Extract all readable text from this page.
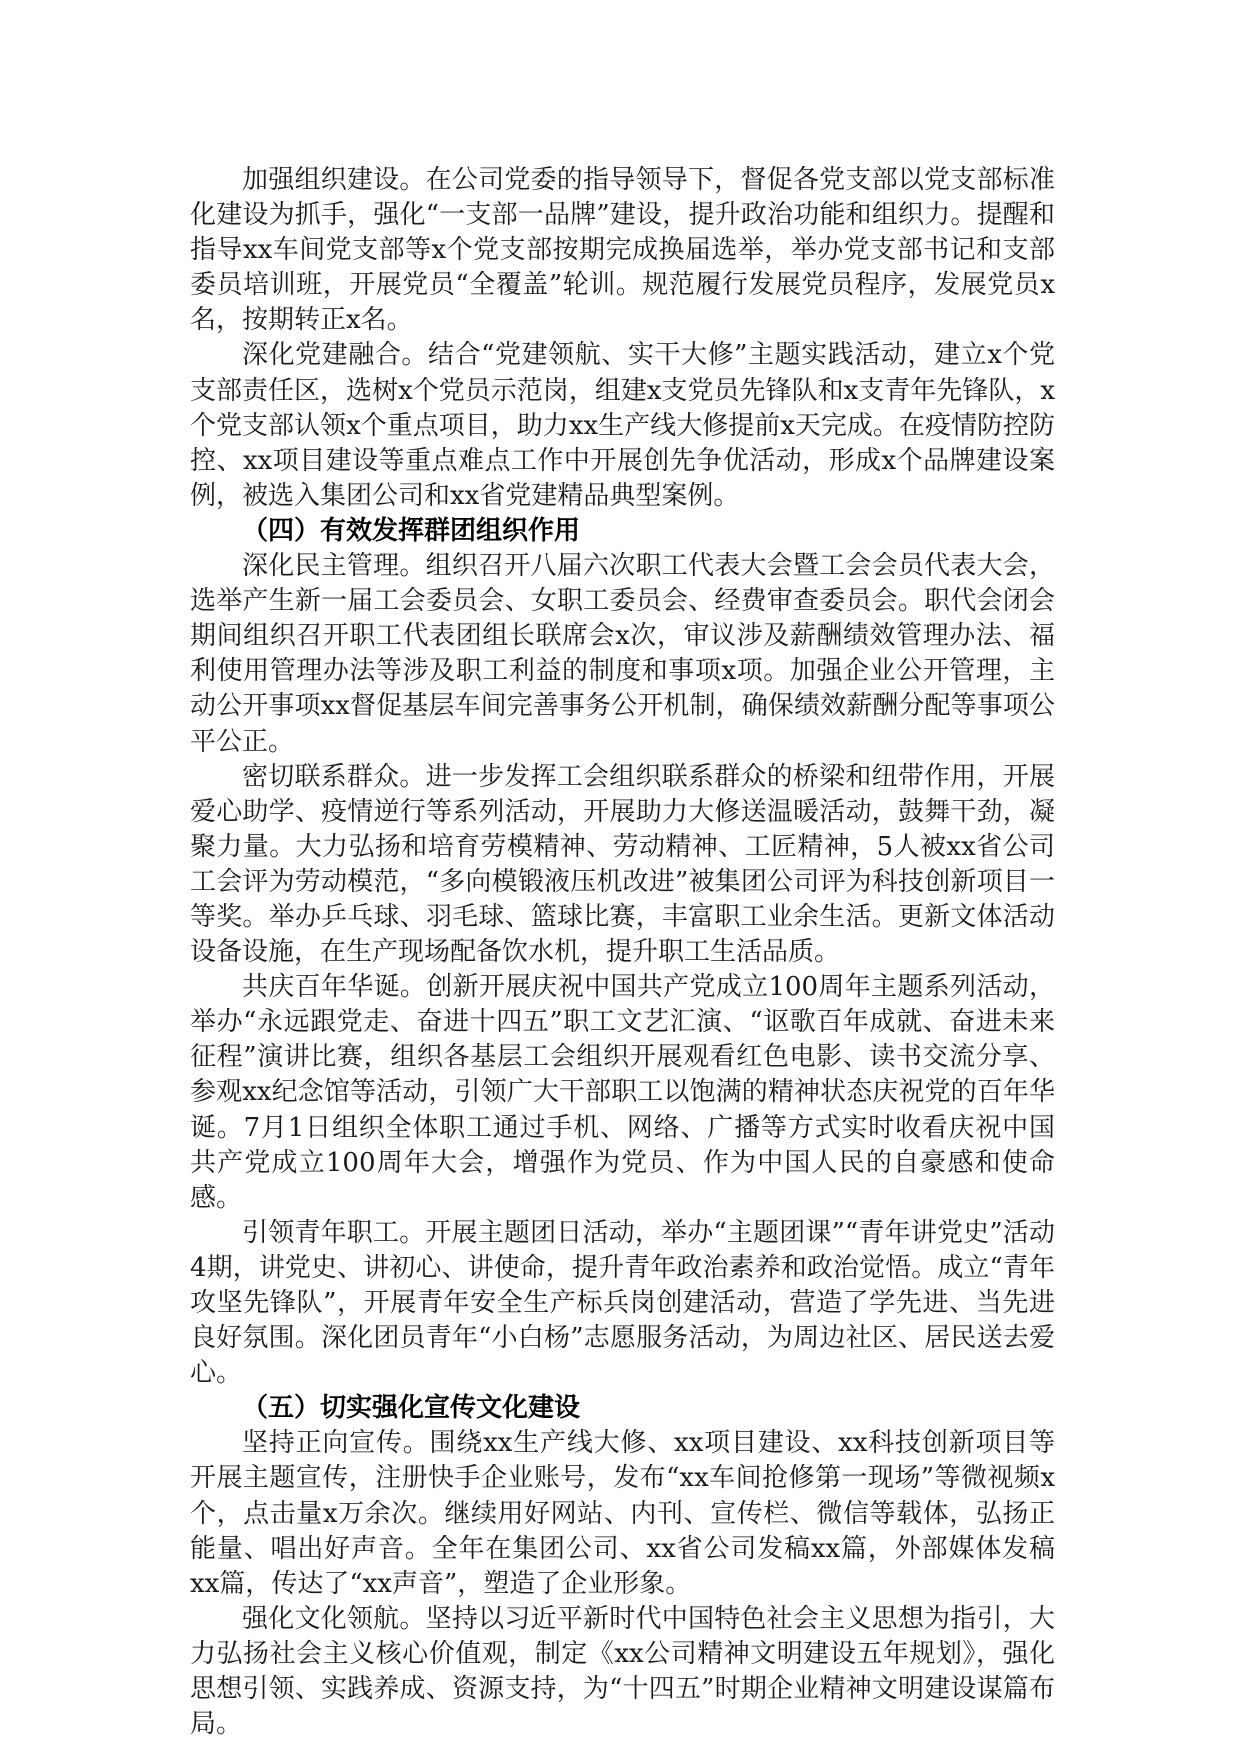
加强组织建设。在公司党委的指导领导下，督促各党支部以党支部标准化建设为抓手，强化“一支部一品牌”建设，提升政治功能和组织力。提醒和指导xx车间党支部等x个党支部按期完成换届选举，举办党支部书记和支部委员培训班，开展党员“全覆盖”轮训。规范履行发展党员程序，发展党员x名，按期转正x名。

深化党建融合。结合“党建领航、实干大修”主题实践活动，建立x个党支部责任区，选树x个党员示范岗，组建x支党员先锋队和x支青年先锋队，x个党支部认领x个重点项目，助力xx生产线大修提前x天完成。在疫情防控防控、xx项目建设等重点难点工作中开展创先争优活动，形成x个品牌建设案例，被选入集团公司和xx省党建精品典型案例。

（四）有效发挥群团组织作用

深化民主管理。组织召开八届六次职工代表大会暨工会会员代表大会，选举产生新一届工会委员会、女职工委员会、经费审查委员会。职代会闭会期间组织召开职工代表团组长联席会x次，审议涉及薪酬绩效管理办法、福利使用管理办法等涉及职工利益的制度和事项x项。加强企业公开管理，主动公开事项xx督促基层车间完善事务公开机制，确保绩效薪酬分配等事项公平公正。

密切联系群众。进一步发挥工会组织联系群众的桥梁和纽带作用，开展爱心助学、疫情逆行等系列活动，开展助力大修送温暖活动，鼓舞干劲，凝聚力量。大力弘扬和培育劳模精神、劳动精神、工匠精神，5人被xx省公司工会评为劳动模范，“多向模锻液压机改进”被集团公司评为科技创新项目一等奖。举办乒乓球、羽毛球、篮球比赛，丰富职工业余生活。更新文体活动设备设施，在生产现场配备饮水机，提升职工生活品质。

共庆百年华诞。创新开展庆祝中国共产党成立100周年主题系列活动，举办“永远跟党走、奋进十四五”职工文艺汇演、“讴歌百年成就、奋进未来征程”演讲比赛，组织各基层工会组织开展观看红色电影、读书交流分享、参观xx纪念馆等活动，引领广大干部职工以饱满的精神状态庆祝党的百年华诞。7月1日组织全体职工通过手机、网络、广播等方式实时收看庆祝中国共产党成立100周年大会，增强作为党员、作为中国人民的自豪感和使命感。

引领青年职工。开展主题团日活动，举办“主题团课”“青年讲党史”活动4期，讲党史、讲初心、讲使命，提升青年政治素养和政治觉悟。成立“青年攻坚先锋队”，开展青年安全生产标兵岗创建活动，营造了学先进、当先进良好氛围。深化团员青年“小白杨”志愿服务活动，为周边社区、居民送去爱心。

（五）切实强化宣传文化建设

坚持正向宣传。围绕xx生产线大修、xx项目建设、xx科技创新项目等开展主题宣传，注册快手企业账号，发布“xx车间抢修第一现场”等微视频x个，点击量x万余次。继续用好网站、内刊、宣传栏、微信等载体，弘扬正能量、唱出好声音。全年在集团公司、xx省公司发稿xx篇，外部媒体发稿xx篇，传达了“xx声音”，塑造了企业形象。

强化文化领航。坚持以习近平新时代中国特色社会主义思想为指引，大力弘扬社会主义核心价值观，制定《xx公司精神文明建设五年规划》，强化思想引领、实践养成、资源支持，为“十四五”时期企业精神文明建设谋篇布局。
